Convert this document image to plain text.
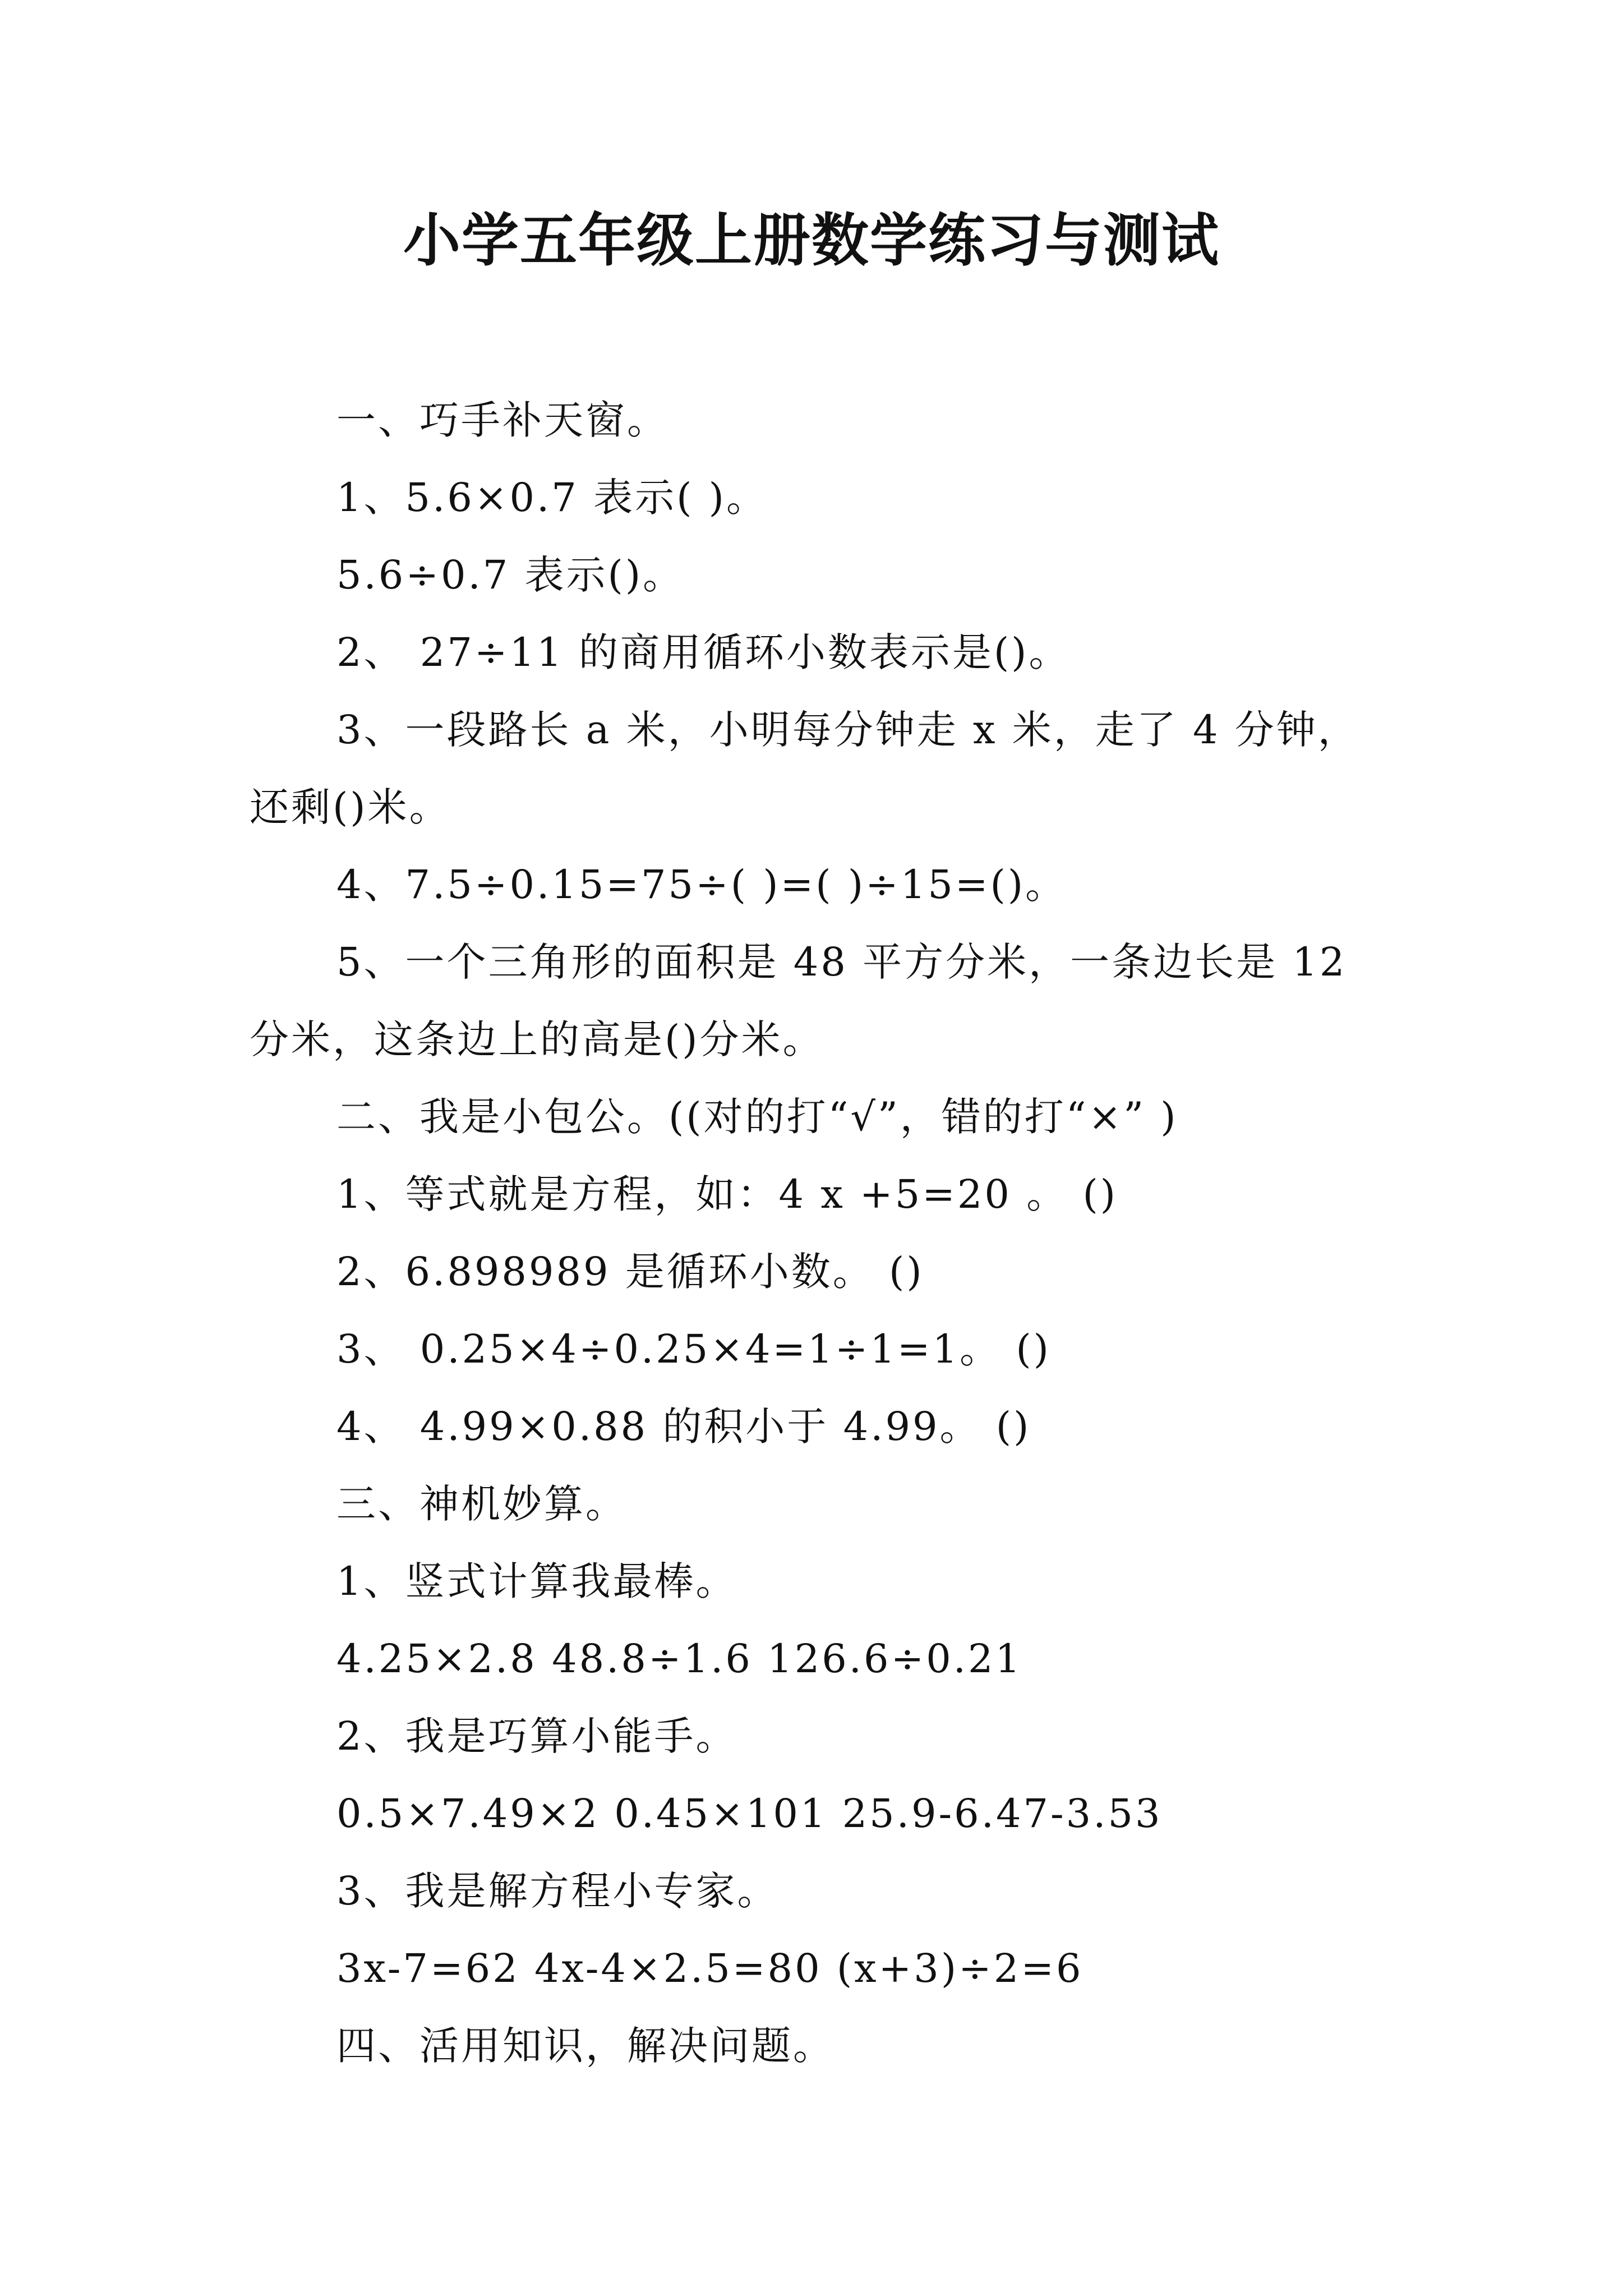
小学五年级上册数学练习与测试
一、巧手补天窗。
1、5.6×0.7 表示( )。
5.6÷0.7 表示()。
2、 27÷11 的商用循环小数表示是()。
3、一段路长 a 米，小明每分钟走 x 米，走了 4 分钟，
还剩()米。
4、7.5÷0.15=75÷( )=( )÷15=()。
5、一个三角形的面积是 48 平方分米，一条边长是 12
分米，这条边上的高是()分米。
二、我是小包公。((对的打“√”，错的打“×” )
1、等式就是方程，如：4 x +5=20 。 ()
2、6.898989 是循环小数。 ()
3、 0.25×4÷0.25×4=1÷1=1。 ()
4、 4.99×0.88 的积小于 4.99。 ()
三、神机妙算。
1、竖式计算我最棒。
4.25×2.8 48.8÷1.6 126.6÷0.21
2、我是巧算小能手。
0.5×7.49×2 0.45×101 25.9-6.47-3.53
3、我是解方程小专家。
3x-7=62 4x-4×2.5=80 (x+3)÷2=6
四、活用知识，解决问题。
